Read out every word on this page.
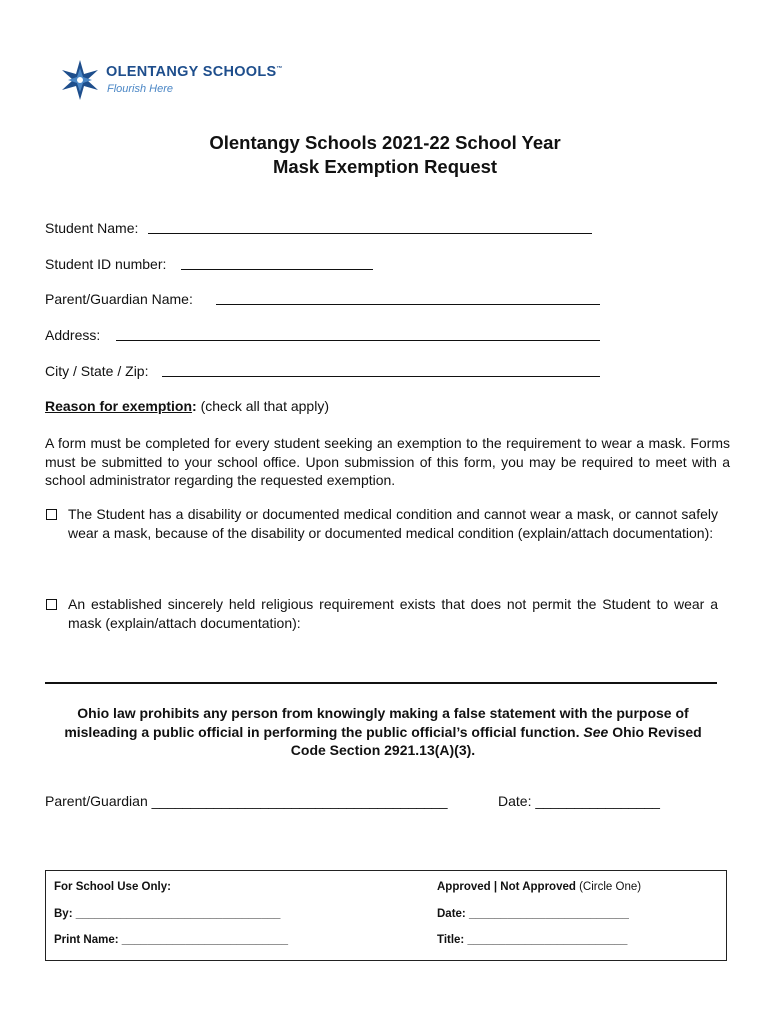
OLENTANGY SCHOOLS™
Flourish Here
Olentangy Schools 2021-22 School Year
Mask Exemption Request
Student Name:
Student ID number:
Parent/Guardian Name:
Address:
City / State / Zip:
Reason for exemption: (check all that apply)
A form must be completed for every student seeking an exemption to the requirement to wear a mask. Forms must be submitted to your school office. Upon submission of this form, you may be required to meet with a school administrator regarding the requested exemption.
The Student has a disability or documented medical condition and cannot wear a mask, or cannot safely wear a mask, because of the disability or documented medical condition (explain/attach documentation):
An established sincerely held religious requirement exists that does not permit the Student to wear a mask (explain/attach documentation):
Ohio law prohibits any person from knowingly making a false statement with the purpose of misleading a public official in performing the public official’s official function. See Ohio Revised Code Section 2921.13(A)(3).
Parent/Guardian ______________________________________	Date: ________________
For School Use Only:	Approved | Not Approved (Circle One)
By: ________________________________	Date: _________________________
Print Name: __________________________	Title: _________________________
